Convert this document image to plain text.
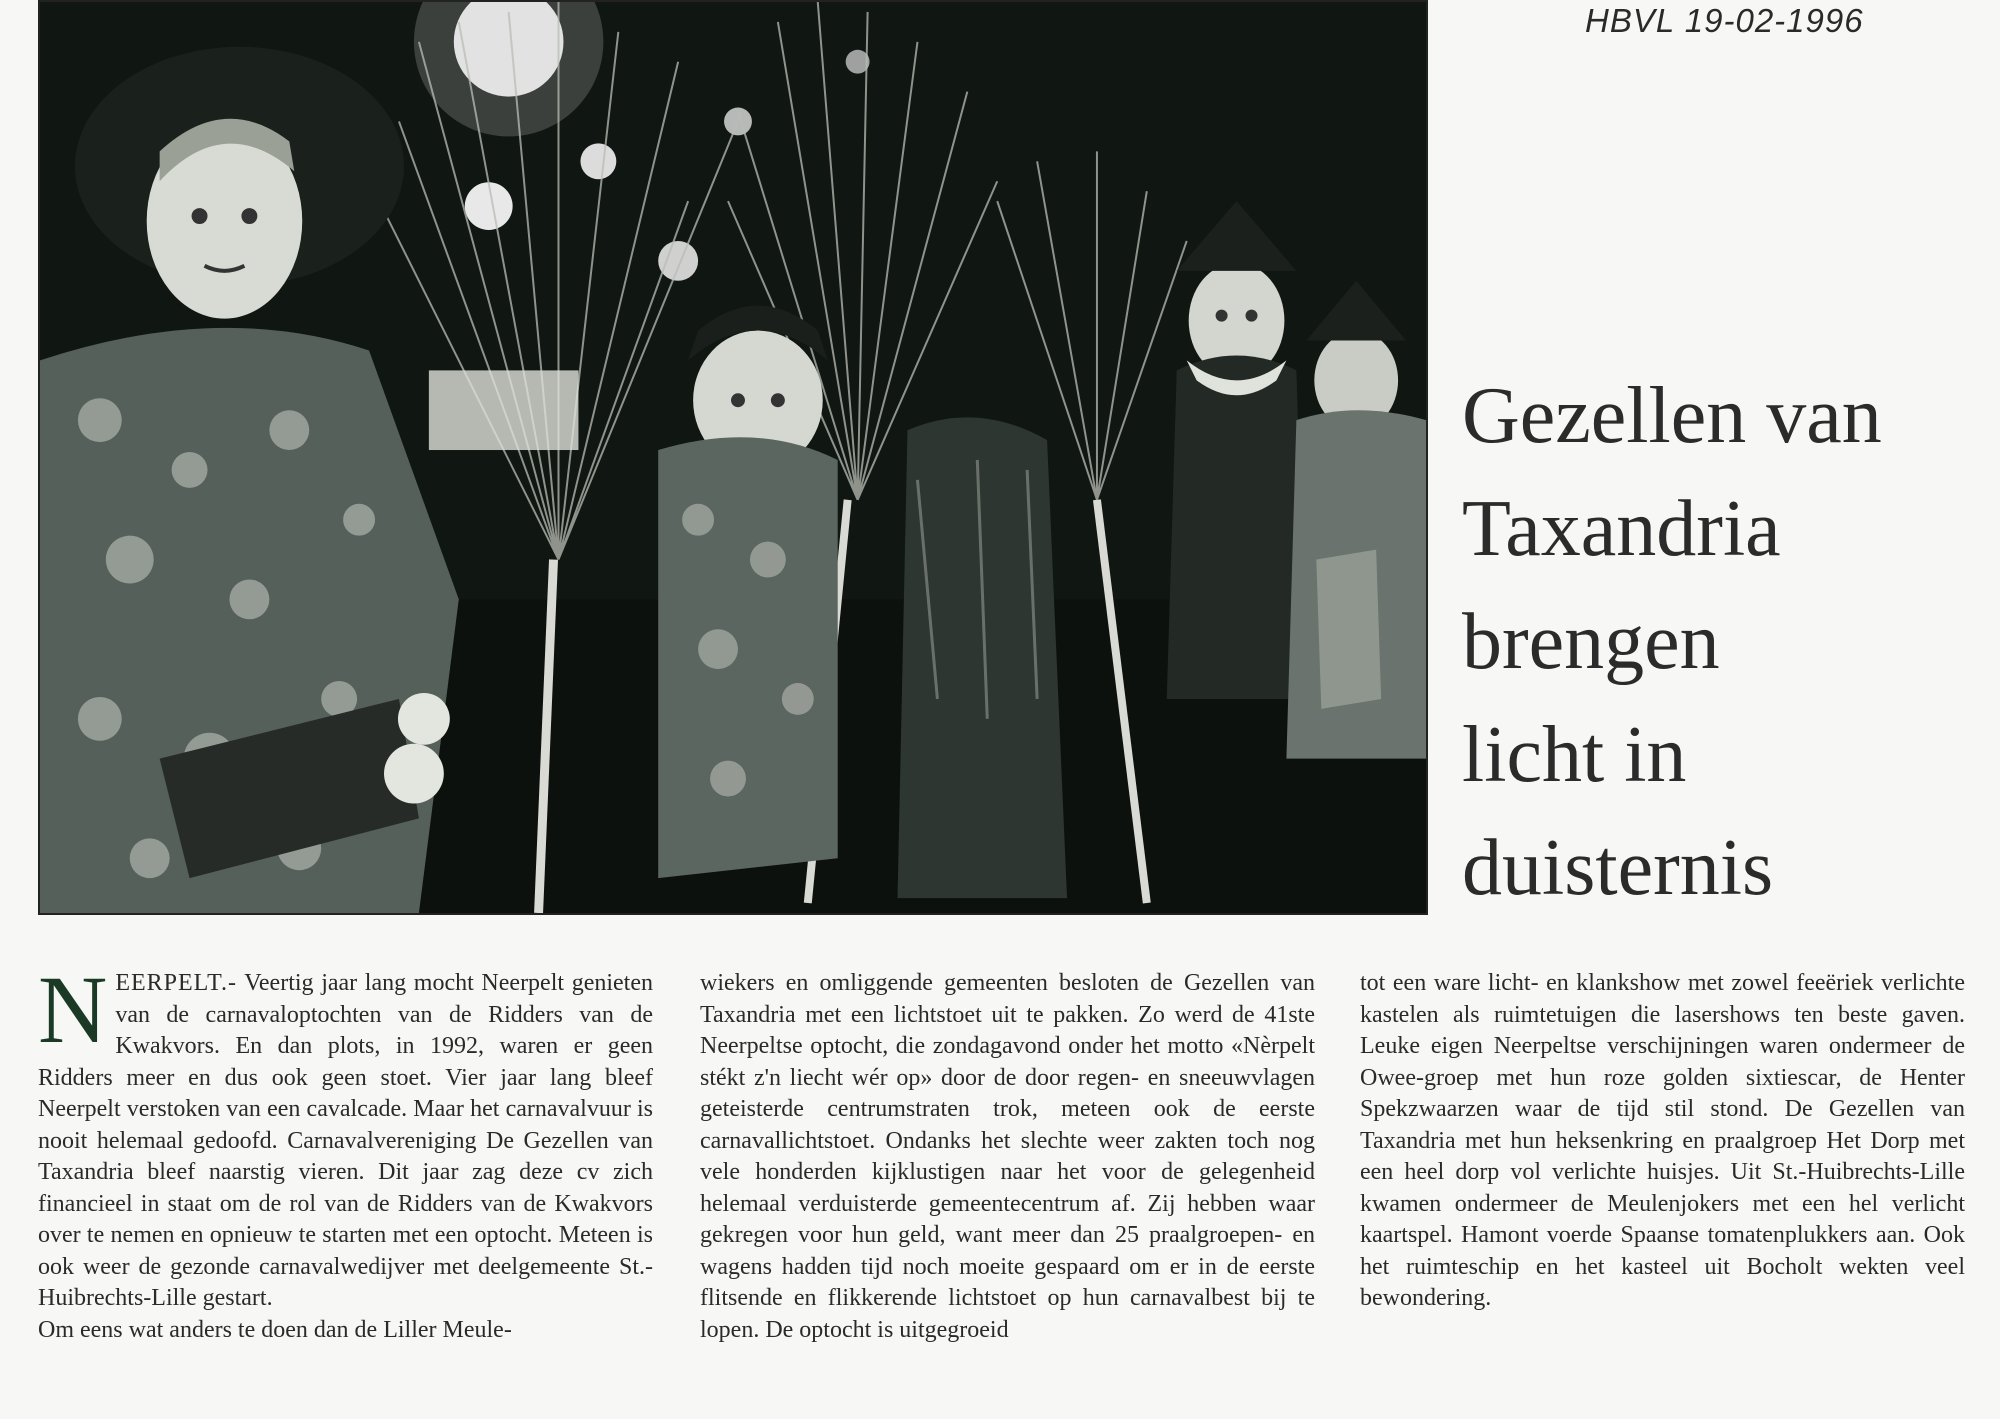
HBVL 19-02-1996
Gezellen van
Taxandria
brengen
licht in
duisternis

NEERPELT.- Veertig jaar lang mocht Neerpelt genieten van de carnavaloptochten van de Ridders van de Kwakvors. En dan plots, in 1992, waren er geen Ridders meer en dus ook geen stoet. Vier jaar lang bleef Neerpelt verstoken van een cavalcade. Maar het carnavalvuur is nooit helemaal gedoofd. Carnavalvereniging De Gezellen van Taxandria bleef naarstig vieren. Dit jaar zag deze cv zich financieel in staat om de rol van de Ridders van de Kwakvors over te nemen en opnieuw te starten met een optocht. Meteen is ook weer de gezonde carnavalwedijver met deelgemeente St.-Huibrechts-Lille gestart.

Om eens wat anders te doen dan de Liller Meule-

wiekers en omliggende gemeenten besloten de Gezellen van Taxandria met een lichtstoet uit te pakken. Zo werd de 41ste Neerpeltse optocht, die zondagavond onder het motto «Nèrpelt stékt z'n liecht wér op» door de door regen- en sneeuwvlagen geteisterde centrumstraten trok, meteen ook de eerste carnavallichtstoet. Ondanks het slechte weer zakten toch nog vele honderden kijklustigen naar het voor de gelegenheid helemaal verduisterde gemeentecentrum af. Zij hebben waar gekregen voor hun geld, want meer dan 25 praalgroepen- en wagens hadden tijd noch moeite gespaard om er in de eerste flitsende en flikkerende lichtstoet op hun carnavalbest bij te lopen. De optocht is uitgegroeid

tot een ware licht- en klankshow met zowel feeëriek verlichte kastelen als ruimtetuigen die lasershows ten beste gaven. Leuke eigen Neerpeltse verschijningen waren ondermeer de Owee-groep met hun roze golden sixtiescar, de Henter Spekzwaarzen waar de tijd stil stond. De Gezellen van Taxandria met hun heksenkring en praalgroep Het Dorp met een heel dorp vol verlichte huisjes. Uit St.-Huibrechts-Lille kwamen ondermeer de Meulenjokers met een hel verlicht kaartspel. Hamont voerde Spaanse tomatenplukkers aan. Ook het ruimteschip en het kasteel uit Bocholt wekten veel bewondering.
